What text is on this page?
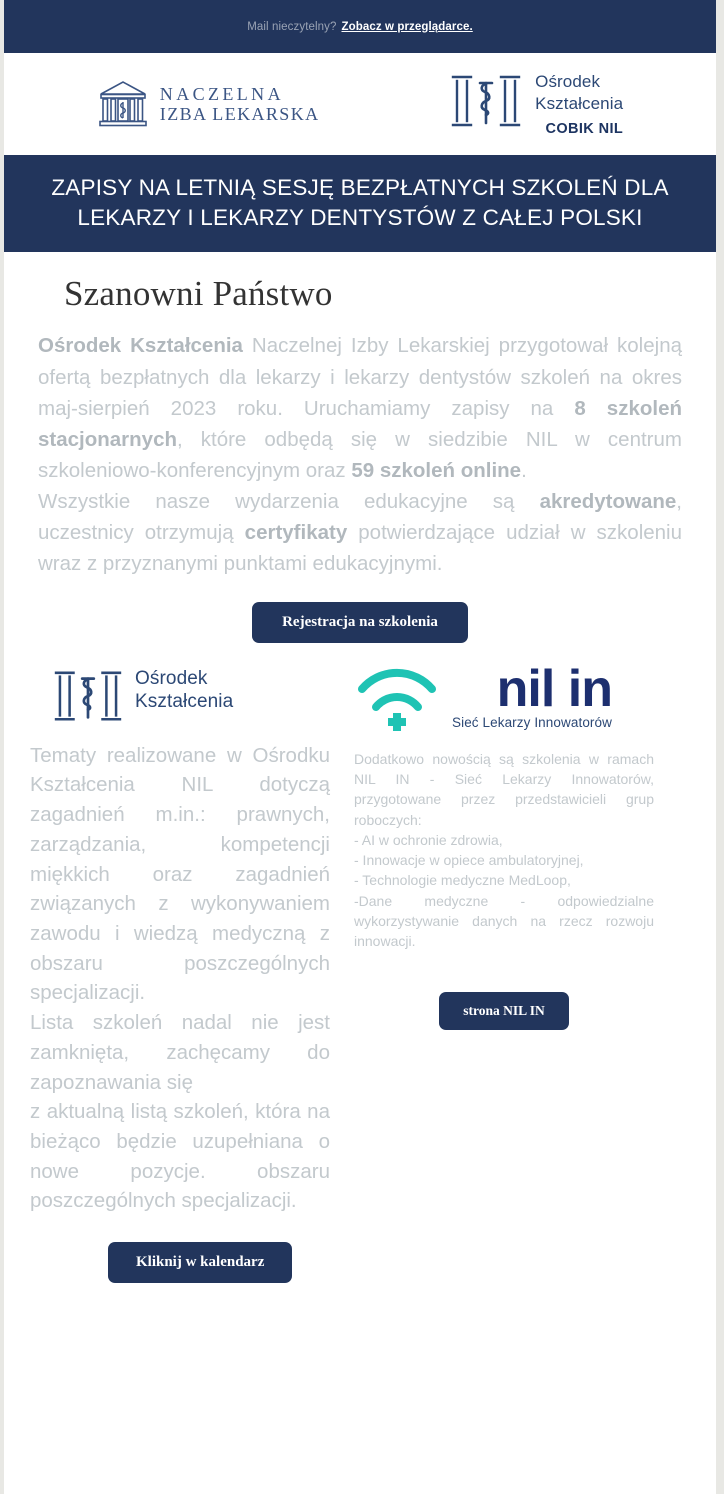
Mail nieczytelny? Zobacz w przeglądarce.
NACZELNA
IZBA LEKARSKA
Ośrodek
Kształcenia
COBIK NIL
ZAPISY NA LETNIĄ SESJĘ BEZPŁATNYCH SZKOLEŃ DLA LEKARZY I LEKARZY DENTYSTÓW Z CAŁEJ POLSKI
Szanowni Państwo

Ośrodek Kształcenia Naczelnej Izby Lekarskiej przygotował kolejną ofertą bezpłatnych dla lekarzy i lekarzy dentystów szkoleń na okres maj-sierpień 2023 roku. Uruchamiamy zapisy na 8 szkoleń stacjonarnych, które odbędą się w siedzibie NIL w centrum szkoleniowo-konferencyjnym oraz 59 szkoleń online.

Wszystkie nasze wydarzenia edukacyjne są akredytowane, uczestnicy otrzymują certyfikaty potwierdzające udział w szkoleniu wraz z przyznanymi punktami edukacyjnymi.

Rejestracja na szkolenia
Ośrodek
Kształcenia

Tematy realizowane w Ośrodku Kształcenia NIL dotyczą zagadnień m.in.: prawnych, zarządzania, kompetencji miękkich oraz zagadnień związanych z wykonywaniem zawodu i wiedzą medyczną z obszaru poszczególnych specjalizacji.

Lista szkoleń nadal nie jest zamknięta, zachęcamy do zapoznawania się

z aktualną listą szkoleń, która na bieżąco będzie uzupełniana o nowe pozycje. obszaru poszczególnych specjalizacji.

Kliknij w kalendarz
nil in
Sieć Lekarzy Innowatorów

Dodatkowo nowością są szkolenia w ramach NIL IN - Sieć Lekarzy Innowatorów, przygotowane przez przedstawicieli grup roboczych:

- AI w ochronie zdrowia,

- Innowacje w opiece ambulatoryjnej,

- Technologie medyczne MedLoop,

-Dane medyczne - odpowiedzialne wykorzystywanie danych na rzecz rozwoju innowacji.

strona NIL IN
